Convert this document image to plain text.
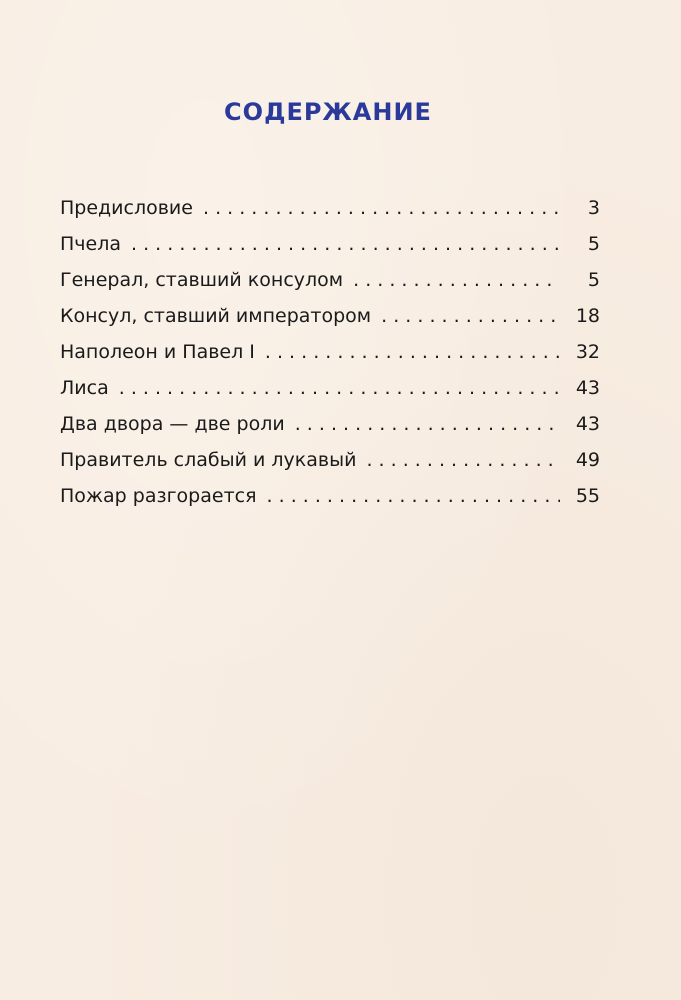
СОДЕРЖАНИЕ
Предисловие . . .	3
Пчела . . .	5
Генерал, ставший консулом . . .	5
Консул, ставший императором . . .	18
Наполеон и Павел I . . .	32
Лиса . . .	43
Два двора — две роли . . .	43
Правитель слабый и лукавый . . .	49
Пожар разгорается . . .	55
